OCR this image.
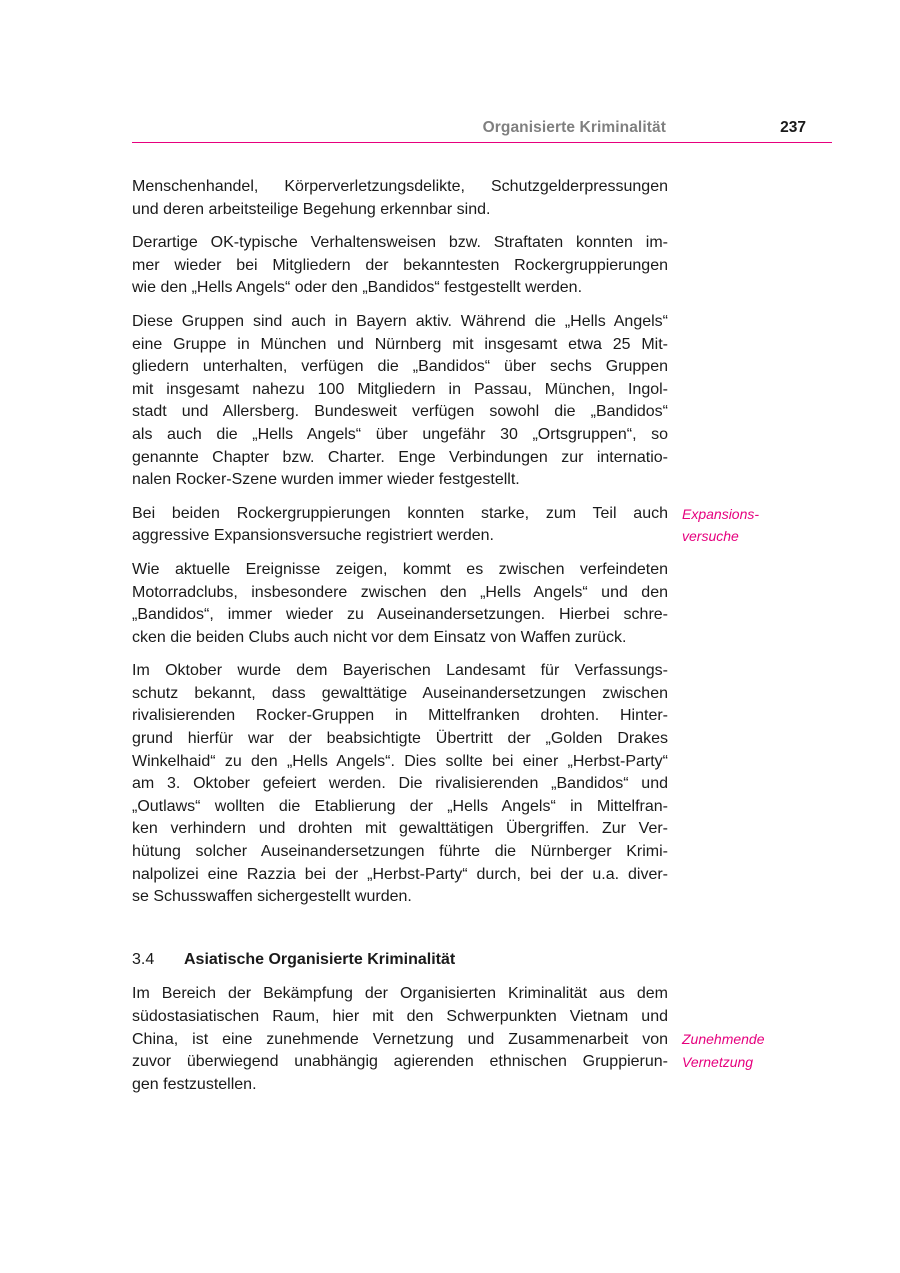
Organisierte Kriminalität	237
Menschenhandel, Körperverletzungsdelikte, Schutzgelderpressungen
und deren arbeitsteilige Begehung erkennbar sind.
Derartige OK-typische Verhaltensweisen bzw. Straftaten konnten im-
mer wieder bei Mitgliedern der bekanntesten Rockergruppierungen
wie den „Hells Angels“ oder den „Bandidos“ festgestellt werden.
Diese Gruppen sind auch in Bayern aktiv. Während die „Hells Angels“
eine Gruppe in München und Nürnberg mit insgesamt etwa 25 Mit-
gliedern unterhalten, verfügen die „Bandidos“ über sechs Gruppen
mit insgesamt nahezu 100 Mitgliedern in Passau, München, Ingol-
stadt und Allersberg. Bundesweit verfügen sowohl die „Bandidos“
als auch die „Hells Angels“ über ungefähr 30 „Ortsgruppen“, so
genannte Chapter bzw. Charter. Enge Verbindungen zur internatio-
nalen Rocker-Szene wurden immer wieder festgestellt.
Bei beiden Rockergruppierungen konnten starke, zum Teil auch
aggressive Expansionsversuche registriert werden.
Expansions-
versuche
Wie aktuelle Ereignisse zeigen, kommt es zwischen verfeindeten
Motorradclubs, insbesondere zwischen den „Hells Angels“ und den
„Bandidos“, immer wieder zu Auseinandersetzungen. Hierbei schre-
cken die beiden Clubs auch nicht vor dem Einsatz von Waffen zurück.
Im Oktober wurde dem Bayerischen Landesamt für Verfassungs-
schutz bekannt, dass gewalttätige Auseinandersetzungen zwischen
rivalisierenden Rocker-Gruppen in Mittelfranken drohten. Hinter-
grund hierfür war der beabsichtigte Übertritt der „Golden Drakes
Winkelhaid“ zu den „Hells Angels“. Dies sollte bei einer „Herbst-Party“
am 3. Oktober gefeiert werden. Die rivalisierenden „Bandidos“ und
„Outlaws“ wollten die Etablierung der „Hells Angels“ in Mittelfran-
ken verhindern und drohten mit gewalttätigen Übergriffen. Zur Ver-
hütung solcher Auseinandersetzungen führte die Nürnberger Krimi-
nalpolizei eine Razzia bei der „Herbst-Party“ durch, bei der u.a. diver-
se Schusswaffen sichergestellt wurden.
3.4 Asiatische Organisierte Kriminalität
Im Bereich der Bekämpfung der Organisierten Kriminalität aus dem
südostasiatischen Raum, hier mit den Schwerpunkten Vietnam und
China, ist eine zunehmende Vernetzung und Zusammenarbeit von
zuvor überwiegend unabhängig agierenden ethnischen Gruppierun-
gen festzustellen.
Zunehmende
Vernetzung
